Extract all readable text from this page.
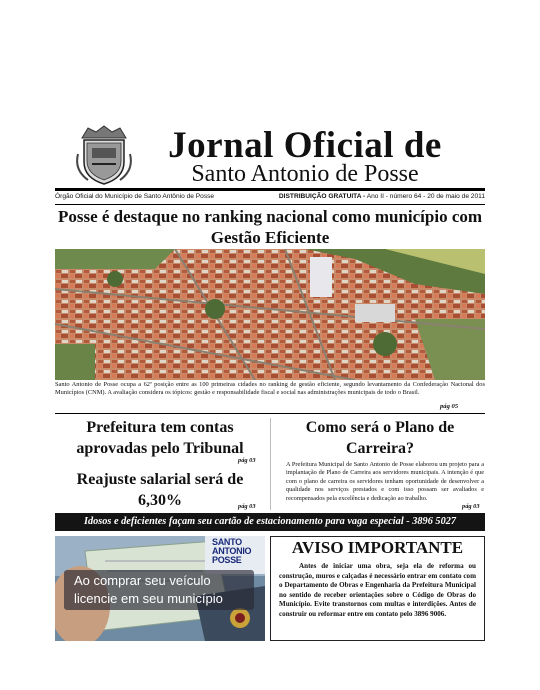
Jornal Oficial de
Santo Antonio de Posse
Órgão Oficial do Município de Santo Antônio de Posse	DISTRIBUIÇÃO GRATUITA - Ano II - número 64 - 20 de maio de 2011
Posse é destaque no ranking nacional como município com Gestão Eficiente
Santo Antonio de Posse ocupa a 62ª posição entre as 100 primeiras cidades no ranking de gestão eficiente, segundo levantamento da Confederação Nacional dos Municípios (CNM). A avaliação considera os tópicos: gestão e responsabilidade fiscal e social nas administrações municipais de todo o Brasil.
pág 05
Prefeitura tem contas aprovadas pelo Tribunal
pág 03
Reajuste salarial será de 6,30%	pág 03
Como será o Plano de Carreira?
A Prefeitura Municipal de Santo Antonio de Posse elaborou um projeto para a implantação de Plano de Carreira aos servidores municipais. A intenção é que com o plano de carreira os servidores tenham oportunidade de desenvolver a qualidade nos serviços prestados e com isso possam ser avaliados e recompensados pela excelência e dedicação ao trabalho.
pág 03
Idosos e deficientes façam seu cartão de estacionamento para vaga especial - 3896 5027
SANTO
ANTONIO
POSSE
Ao comprar seu veículo licencie em seu município
AVISO IMPORTANTE
Antes de iniciar uma obra, seja ela de reforma ou construção, muros e calçadas é necessário entrar em contato com o Departamento de Obras e Engenharia da Prefeitura Municipal no sentido de receber orientações sobre o Código de Obras do Município. Evite transtornos com multas e interdições. Antes de construir ou reformar entre em contato pelo 3896 9006.
